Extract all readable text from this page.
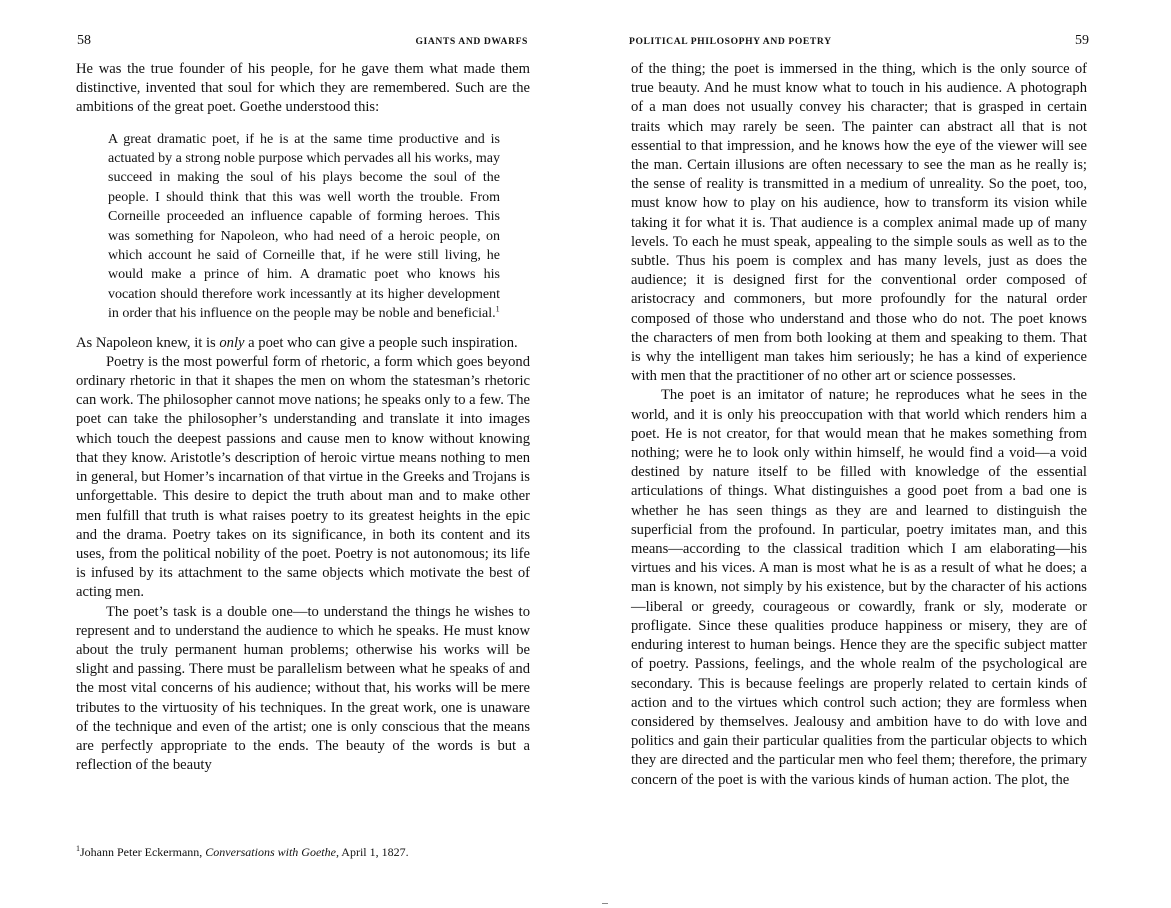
58	GIANTS AND DWARFS

He was the true founder of his people, for he gave them what made them distinctive, invented that soul for which they are remembered. Such are the ambitions of the great poet. Goethe understood this:

A great dramatic poet, if he is at the same time productive and is actuated by a strong noble purpose which pervades all his works, may succeed in making the soul of his plays become the soul of the people. I should think that this was well worth the trouble. From Corneille proceeded an influence capable of forming heroes. This was something for Napoleon, who had need of a heroic people, on which account he said of Corneille that, if he were still living, he would make a prince of him. A dramatic poet who knows his vocation should therefore work incessantly at its higher development in order that his influence on the people may be noble and beneficial.$^1$

As Napoleon knew, it is only a poet who can give a people such inspiration.

Poetry is the most powerful form of rhetoric, a form which goes beyond ordinary rhetoric in that it shapes the men on whom the statesman’s rhetoric can work. The philosopher cannot move nations; he speaks only to a few. The poet can take the philosopher’s understanding and translate it into images which touch the deepest passions and cause men to know without knowing that they know. Aristotle’s description of heroic virtue means nothing to men in general, but Homer’s incarnation of that virtue in the Greeks and Trojans is unforgettable. This desire to depict the truth about man and to make other men fulfill that truth is what raises poetry to its greatest heights in the epic and the drama. Poetry takes on its significance, in both its content and its uses, from the political nobility of the poet. Poetry is not autonomous; its life is infused by its attachment to the same objects which motivate the best of acting men.

The poet’s task is a double one—to understand the things he wishes to represent and to understand the audience to which he speaks. He must know about the truly permanent human problems; otherwise his works will be slight and passing. There must be parallelism between what he speaks of and the most vital concerns of his audience; without that, his works will be mere tributes to the virtuosity of his techniques. In the great work, one is unaware of the technique and even of the artist; one is only conscious that the means are perfectly appropriate to the ends. The beauty of the words is but a reflection of the beauty

$^1$Johann Peter Eckermann, Conversations with Goethe, April 1, 1827.
POLITICAL PHILOSOPHY AND POETRY	59

of the thing; the poet is immersed in the thing, which is the only source of true beauty. And he must know what to touch in his audience. A photograph of a man does not usually convey his character; that is grasped in certain traits which may rarely be seen. The painter can abstract all that is not essential to that impression, and he knows how the eye of the viewer will see the man. Certain illusions are often necessary to see the man as he really is; the sense of reality is transmitted in a medium of unreality. So the poet, too, must know how to play on his audience, how to transform its vision while taking it for what it is. That audience is a complex animal made up of many levels. To each he must speak, appealing to the simple souls as well as to the subtle. Thus his poem is complex and has many levels, just as does the audience; it is designed first for the conventional order composed of aristocracy and commoners, but more profoundly for the natural order composed of those who understand and those who do not. The poet knows the characters of men from both looking at them and speaking to them. That is why the intelligent man takes him seriously; he has a kind of experience with men that the practitioner of no other art or science possesses.

The poet is an imitator of nature; he reproduces what he sees in the world, and it is only his preoccupation with that world which renders him a poet. He is not creator, for that would mean that he makes something from nothing; were he to look only within himself, he would find a void—a void destined by nature itself to be filled with knowledge of the essential articulations of things. What distinguishes a good poet from a bad one is whether he has seen things as they are and learned to distinguish the superficial from the profound. In particular, poetry imitates man, and this means—according to the classical tradition which I am elaborating—his virtues and his vices. A man is most what he is as a result of what he does; a man is known, not simply by his existence, but by the character of his actions—liberal or greedy, courageous or cowardly, frank or sly, moderate or profligate. Since these qualities produce happiness or misery, they are of enduring interest to human beings. Hence they are the specific subject matter of poetry. Passions, feelings, and the whole realm of the psychological are secondary. This is because feelings are properly related to certain kinds of action and to the virtues which control such action; they are formless when considered by themselves. Jealousy and ambition have to do with love and politics and gain their particular qualities from the particular objects to which they are directed and the particular men who feel them; therefore, the primary concern of the poet is with the various kinds of human action. The plot, the
